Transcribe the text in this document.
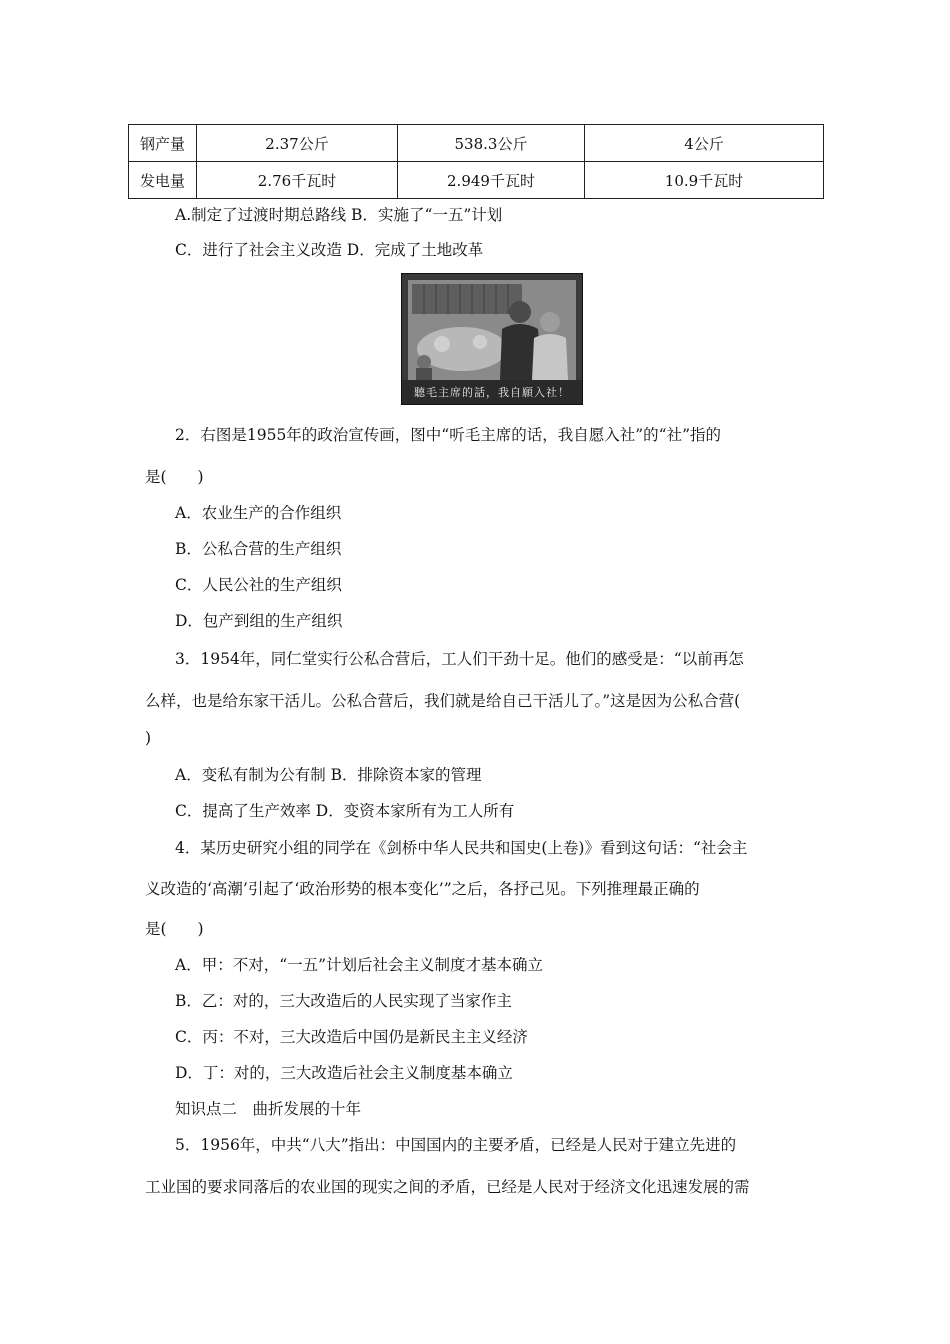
钢产量	2.37公斤	538.3公斤	4公斤
发电量	2.76千瓦时	2.949千瓦时	10.9千瓦时
A.制定了过渡时期总路线 B．实施了“一五”计划
C．进行了社会主义改造 D．完成了土地改革
聽毛主席的話，我自願入社！
2．右图是1955年的政治宣传画，图中“听毛主席的话，我自愿入社”的“社”指的
是(　　)
A．农业生产的合作组织
B．公私合营的生产组织
C．人民公社的生产组织
D．包产到组的生产组织
3．1954年，同仁堂实行公私合营后，工人们干劲十足。他们的感受是：“以前再怎
么样，也是给东家干活儿。公私合营后，我们就是给自己干活儿了。”这是因为公私合营(
)
A．变私有制为公有制 B．排除资本家的管理
C．提高了生产效率 D．变资本家所有为工人所有
4．某历史研究小组的同学在《剑桥中华人民共和国史(上卷)》看到这句话：“社会主
义改造的‘高潮’引起了‘政治形势的根本变化’”之后，各抒己见。下列推理最正确的
是(　　)
A．甲：不对，“一五”计划后社会主义制度才基本确立
B．乙：对的，三大改造后的人民实现了当家作主
C．丙：不对，三大改造后中国仍是新民主主义经济
D．丁：对的，三大改造后社会主义制度基本确立
知识点二　曲折发展的十年
5．1956年，中共“八大”指出：中国国内的主要矛盾，已经是人民对于建立先进的
工业国的要求同落后的农业国的现实之间的矛盾，已经是人民对于经济文化迅速发展的需
